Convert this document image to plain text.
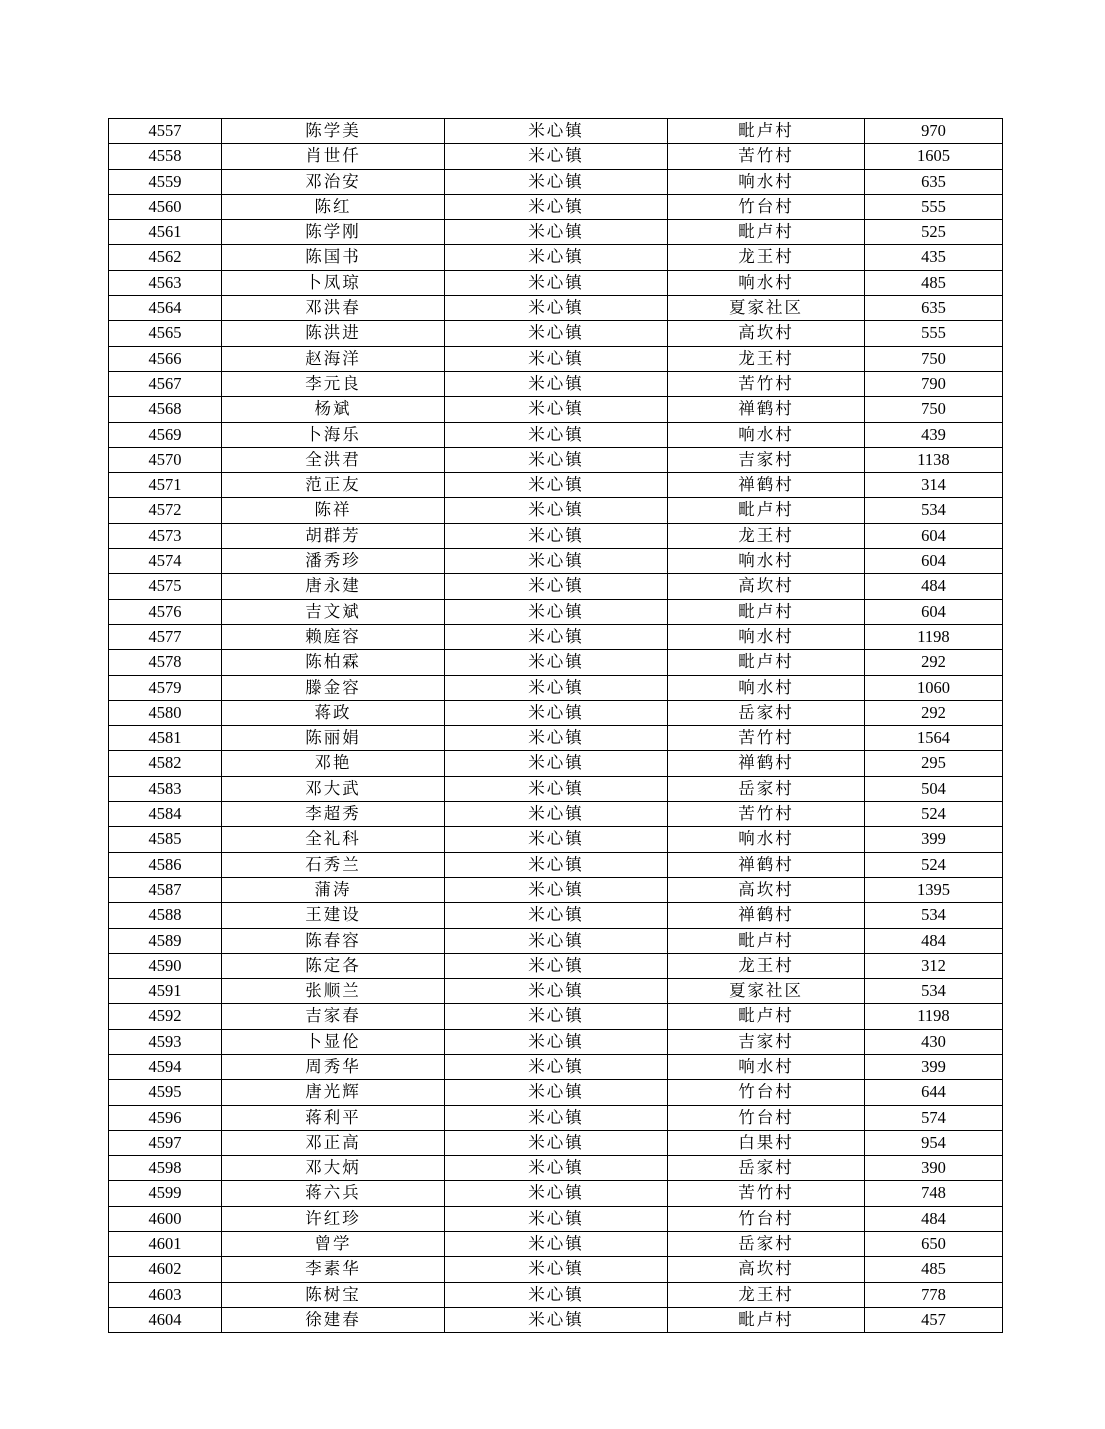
4557	陈学美	米心镇	毗卢村	970
4558	肖世仟	米心镇	苦竹村	1605
4559	邓治安	米心镇	响水村	635
4560	陈红	米心镇	竹台村	555
4561	陈学刚	米心镇	毗卢村	525
4562	陈国书	米心镇	龙王村	435
4563	卜凤琼	米心镇	响水村	485
4564	邓洪春	米心镇	夏家社区	635
4565	陈洪进	米心镇	高坎村	555
4566	赵海洋	米心镇	龙王村	750
4567	李元良	米心镇	苦竹村	790
4568	杨斌	米心镇	禅鹤村	750
4569	卜海乐	米心镇	响水村	439
4570	全洪君	米心镇	吉家村	1138
4571	范正友	米心镇	禅鹤村	314
4572	陈祥	米心镇	毗卢村	534
4573	胡群芳	米心镇	龙王村	604
4574	潘秀珍	米心镇	响水村	604
4575	唐永建	米心镇	高坎村	484
4576	吉文斌	米心镇	毗卢村	604
4577	赖庭容	米心镇	响水村	1198
4578	陈柏霖	米心镇	毗卢村	292
4579	滕金容	米心镇	响水村	1060
4580	蒋政	米心镇	岳家村	292
4581	陈丽娟	米心镇	苦竹村	1564
4582	邓艳	米心镇	禅鹤村	295
4583	邓大武	米心镇	岳家村	504
4584	李超秀	米心镇	苦竹村	524
4585	全礼科	米心镇	响水村	399
4586	石秀兰	米心镇	禅鹤村	524
4587	蒲涛	米心镇	高坎村	1395
4588	王建设	米心镇	禅鹤村	534
4589	陈春容	米心镇	毗卢村	484
4590	陈定各	米心镇	龙王村	312
4591	张顺兰	米心镇	夏家社区	534
4592	吉家春	米心镇	毗卢村	1198
4593	卜显伦	米心镇	吉家村	430
4594	周秀华	米心镇	响水村	399
4595	唐光辉	米心镇	竹台村	644
4596	蒋利平	米心镇	竹台村	574
4597	邓正高	米心镇	白果村	954
4598	邓大炳	米心镇	岳家村	390
4599	蒋六兵	米心镇	苦竹村	748
4600	许红珍	米心镇	竹台村	484
4601	曾学	米心镇	岳家村	650
4602	李素华	米心镇	高坎村	485
4603	陈树宝	米心镇	龙王村	778
4604	徐建春	米心镇	毗卢村	457
